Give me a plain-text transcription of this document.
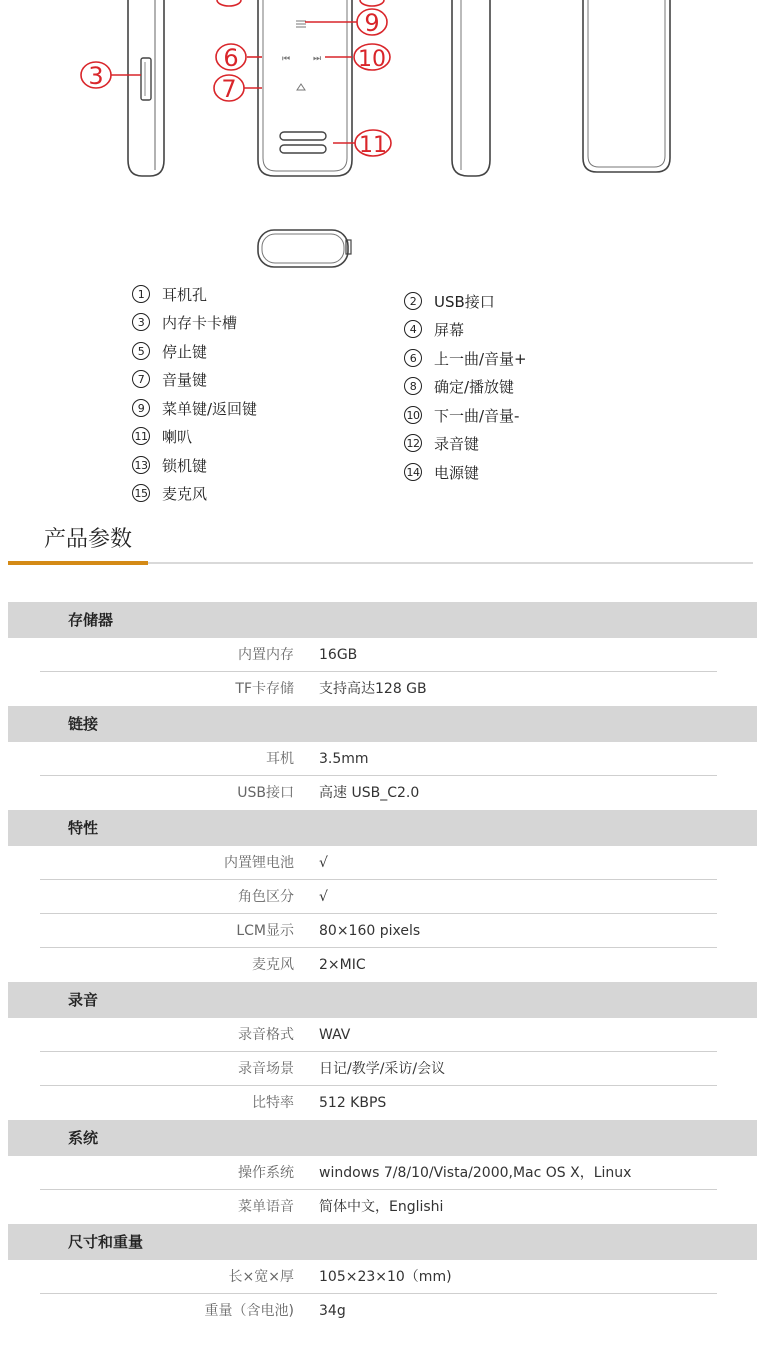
⏮	⏭
3
6
7
9
10
11
1	耳机孔
3	内存卡卡槽
5	停止键
7	音量键
9	菜单键/返回键
11 喇叭
13 锁机键
15 麦克风
2	USB接口
4	屏幕
6	上一曲/音量+
8	确定/播放键
10 下一曲/音量-
12 录音键
14 电源键
产品参数
存储器
内置内存 16GB
TF卡存储 支持高达128 GB
链接
耳机 3.5mm
USB接口 高速 USB_C2.0
特性
内置锂电池 √
角色区分 √
LCM显示 80×160 pixels
麦克风 2×MIC
录音
录音格式 WAV
录音场景 日记/教学/采访/会议
比特率 512 KBPS
系统
操作系统 windows 7/8/10/Vista/2000,Mac OS X，Linux
菜单语音 简体中文，Englishi
尺寸和重量
长×宽×厚 105×23×10（mm)
重量（含电池) 34g
